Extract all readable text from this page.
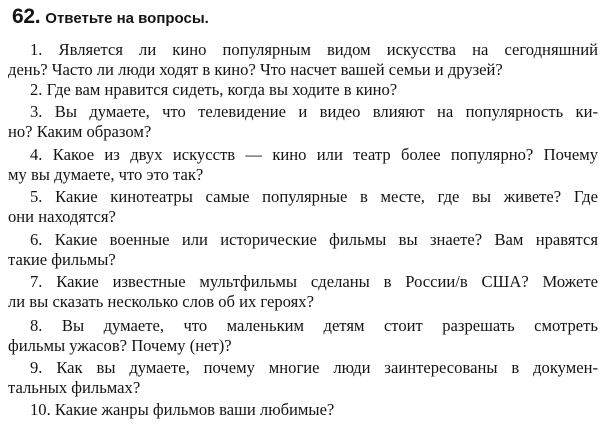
62. Ответьте на вопросы.
1. Является ли кино популярным видом искусства на сегодняшний
день? Часто ли люди ходят в кино? Что насчет вашей семьи и друзей?
2. Где вам нравится сидеть, когда вы ходите в кино?
3. Вы думаете, что телевидение и видео влияют на популярность ки-
но? Каким образом?
4. Какое из двух искусств — кино или театр более популярно? Почему
му вы думаете, что это так?
5. Какие кинотеатры самые популярные в месте, где вы живете? Где
они находятся?
6. Какие военные или исторические фильмы вы знаете? Вам нравятся
такие фильмы?
7. Какие известные мультфильмы сделаны в России/в США? Можете
ли вы сказать несколько слов об их героях?
8. Вы думаете, что маленьким детям стоит разрешать смотреть
фильмы ужасов? Почему (нет)?
9. Как вы думаете, почему многие люди заинтересованы в докумен-
тальных фильмах?
10. Какие жанры фильмов ваши любимые?
